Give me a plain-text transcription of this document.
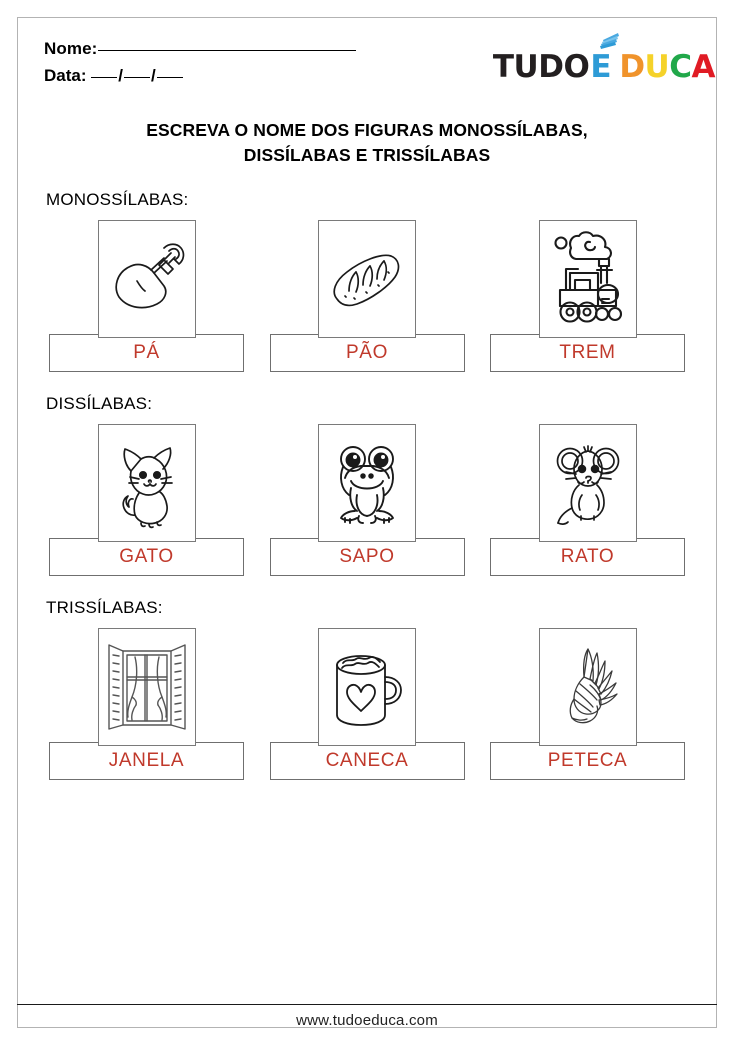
Nome:
Data: / /	TUDO E D U C A
ESCREVA O NOME DOS FIGURAS MONOSSÍLABAS,
DISSÍLABAS E TRISSÍLABAS
MONOSSÍLABAS:
PÁ	PÃO	TREM
DISSÍLABAS:
GATO	SAPO	RATO
TRISSÍLABAS:
JANELA	CANECA	PETECA
www.tudoeduca.com
